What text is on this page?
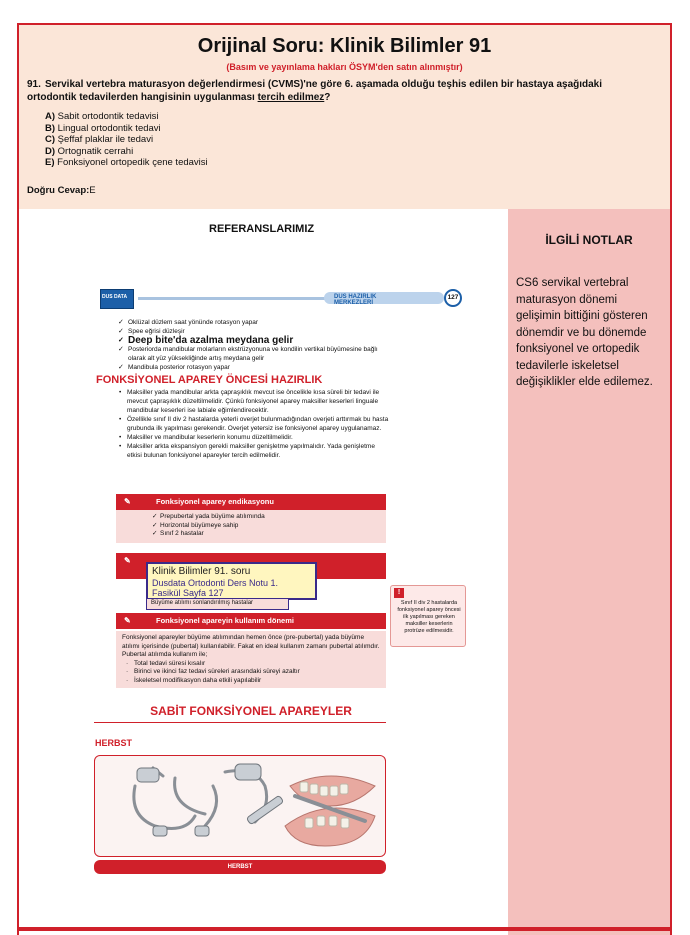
Orijinal Soru: Klinik Bilimler 91
(Basım ve yayınlama hakları ÖSYM'den satın alınmıştır)
91. Servikal vertebra maturasyon değerlendirmesi (CVMS)'ne göre 6. aşamada olduğu teşhis edilen bir hastaya aşağıdaki ortodontik tedavilerden hangisinin uygulanması tercih edilmez?
A) Sabit ortodontik tedavisi
B) Lingual ortodontik tedavi
C) Şeffaf plaklar ile tedavi
D) Ortognatik cerrahi
E) Fonksiyonel ortopedik çene tedavisi
Doğru Cevap:E
REFERANSLARIMIZ
İLGİLİ NOTLAR
CS6 servikal vertebral maturasyon dönemi gelişimin bittiğini gösteren dönemdir ve bu dönemde fonksiyonel ve ortopedik tedavilerle iskeletsel değişiklikler elde edilemez.
DUS DATA	DUS HAZIRLIK MERKEZLERİ
127
✓ Oklüzal düzlem saat yönünde rotasyon yapar
✓ Spee eğrisi düzleşir
✓ Deep bite'da azalma meydana gelir
✓ Posteriorda mandibular molarların ekstrüzyonuna ve kondilin vertikal büyümesine bağlı olarak alt yüz yüksekliğinde artış meydana gelir
✓ Mandibula posterior rotasyon yapar
FONKSİYONEL APAREY ÖNCESİ HAZIRLIK
• Maksiller yada mandibular arkta çapraşıklık mevcut ise öncelikle kısa süreli bir tedavi ile mevcut çapraşıklık düzeltilmelidir. Çünkü fonksiyonel aparey maksiller keserleri linguale mandibular keserleri ise labiale eğimlendirecektir.
• Özellikle sınıf II div 2 hastalarda yeterli overjet bulunmadığından overjeti arttırmak bu hasta grubunda ilk yapılması gerekendir. Overjet yetersiz ise fonksiyonel aparey uygulanamaz.
• Maksiller ve mandibular keserlerin konumu düzeltilmelidir.
• Maksiller arkta ekspansiyon gerekli maksiller genişletme yapılmalıdır. Yada genişletme etkisi bulunan fonksiyonel apareyler tercih edilmelidir.
✎ Fonksiyonel aparey endikasyonu
✓ Prepubertal yada büyüme atılımında
✓ Horizontal büyümeye sahip
✓ Sınıf 2 hastalar
✎
Klinik Bilimler 91. soru
Dusdata Ortodonti Ders Notu 1.
Fasikül Sayfa 127
Büyüme atılımı sonlandırılmış hastalar
!
Sınıf II div 2 hastalarda fonksiyonel aparey öncesi ilk yapılması gereken maksiller keserlerin protrüze edilmesidir.
✎ Fonksiyonel apareyin kullanım dönemi
Fonksiyonel apareyler büyüme atılımından hemen önce (pre-pubertal) yada büyüme atılımı içerisinde (pubertal) kullanılabilir. Fakat en ideal kullanım zamanı pubertal atılımdır. Pubertal atılımda kullanım ile;
· Total tedavi süresi kısalır
· Birinci ve ikinci faz tedavi süreleri arasındaki süreyi azaltır
· İskeletsel modifikasyon daha etkili yapılabilir
SABİT FONKSİYONEL APAREYLER
HERBST
HERBST
